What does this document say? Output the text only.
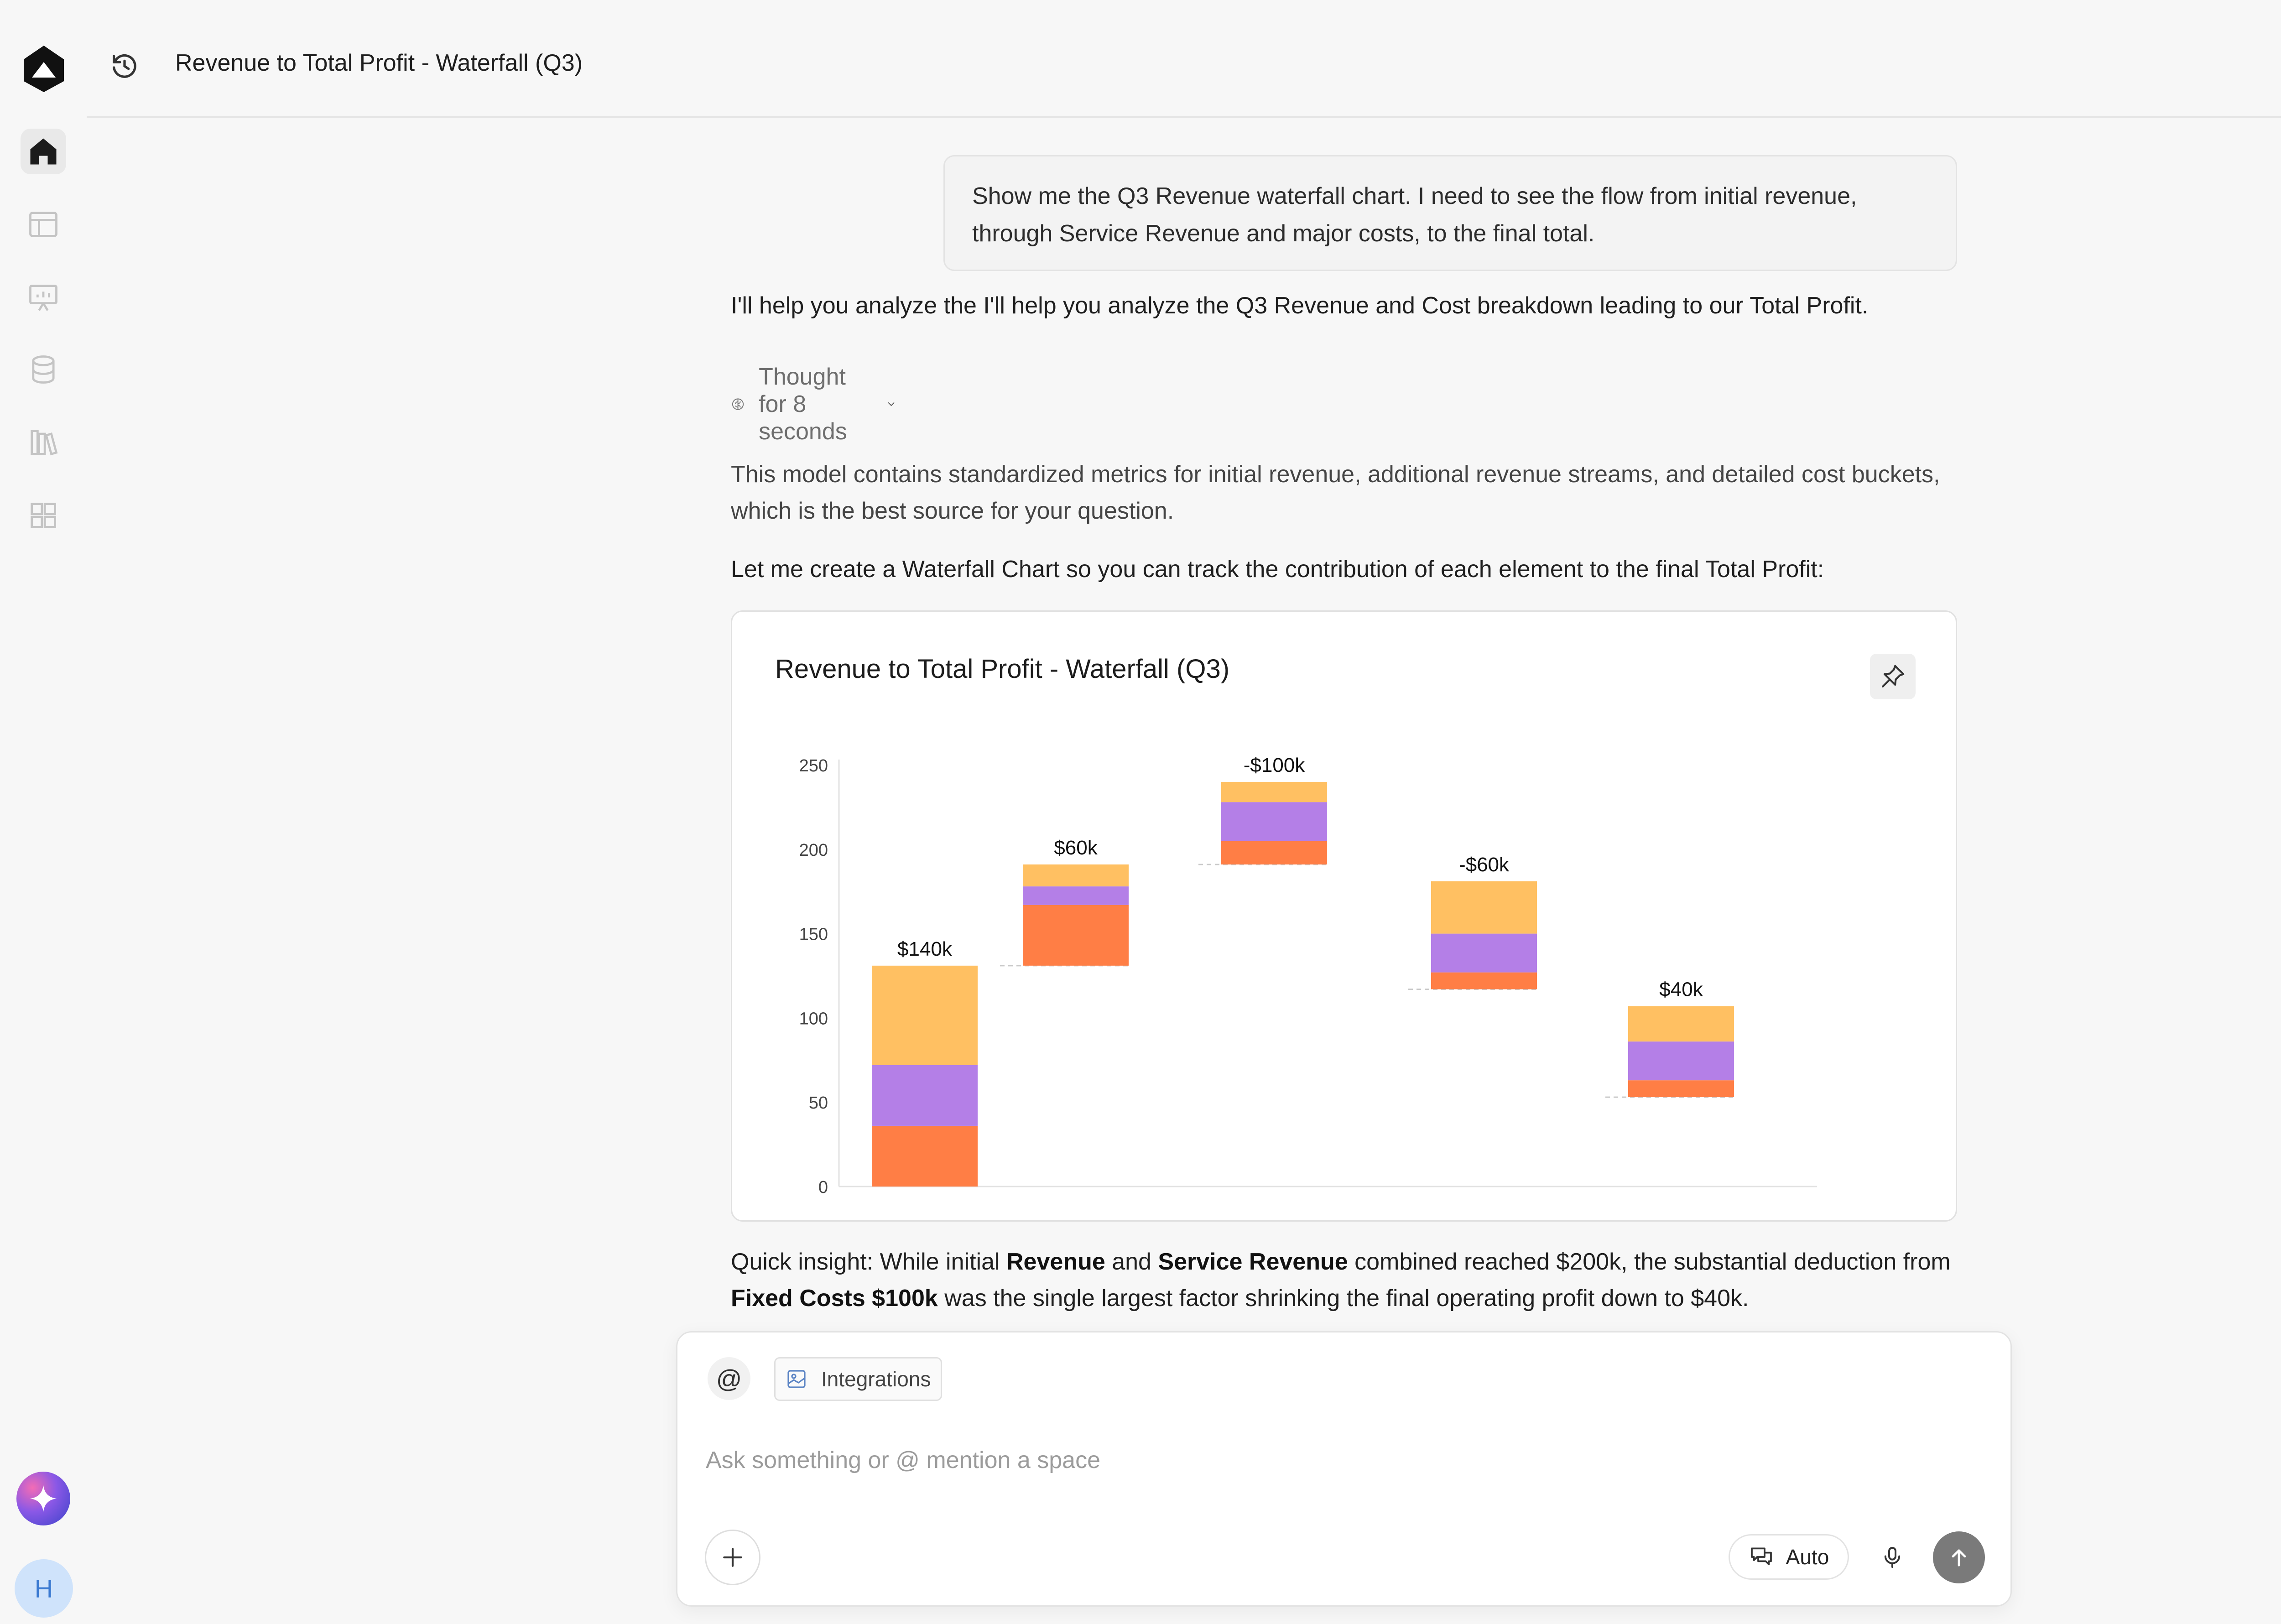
H
Revenue to Total Profit - Waterfall (Q3)
Show me the Q3 Revenue waterfall chart. I need to see the flow from initial revenue, through Service Revenue and major costs, to the final total.
I'll help you analyze the I'll help you analyze the Q3 Revenue and Cost breakdown leading to our Total Profit.
Thought for 8 seconds
This model contains standardized metrics for initial revenue, additional revenue streams, and detailed cost buckets, which is the best source for your question.
Let me create a Waterfall Chart so you can track the contribution of each element to the final Total Profit:
Revenue to Total Profit - Waterfall (Q3)
0
50
100
150
200
250
$140k
$60k
-$100k
-$60k
$40k
Quick insight: While initial Revenue and Service Revenue combined reached $200k, the substantial deduction from Fixed Costs $100k was the single largest factor shrinking the final operating profit down to $40k.
@	Integrations
Ask something or @ mention a space
Auto
